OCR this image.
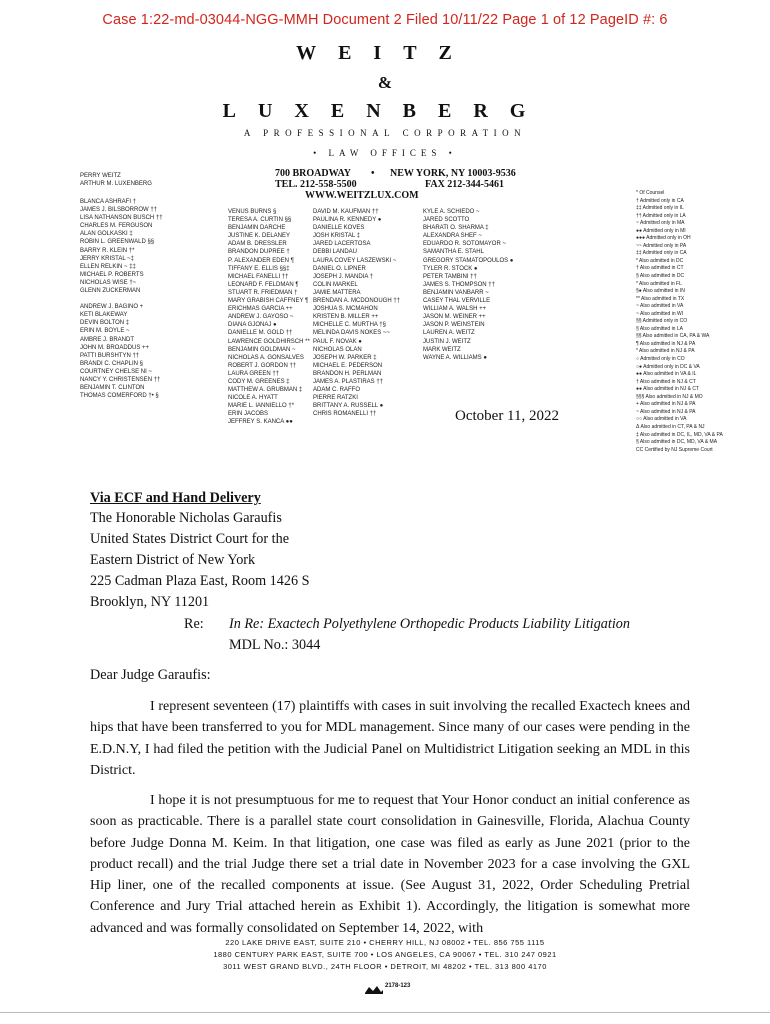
Case 1:22-md-03044-NGG-MMH Document 2 Filed 10/11/22 Page 1 of 12 PageID #: 6
WEITZ
&
LUXENBERG
A PROFESSIONAL CORPORATION
• LAW OFFICES •
700 BROADWAY • NEW YORK, NY 10003-9536
TEL. 212-558-5500	FAX 212-344-5461
WWW.WEITZLUX.COM
PERRY WEITZ
ARTHUR M. LUXENBERG
BLANCA ASHRAFI †
JAMES J. BILSBORROW ††
LISA NATHANSON BUSCH ††
CHARLES M. FERGUSON
ALAN GOLKASKI ‡
ROBIN L. GREENWALD §§
BARRY R. KLEIN †*
JERRY KRISTAL ~‡
ELLEN RELKIN ~ ‡‡
MICHAEL P. ROBERTS
NICHOLAS WISE †~
GLENN ZUCKERMAN
ANDREW J. BAGINO +
KETI BLAKEWAY
DEVIN BOLTON ‡
ERIN M. BOYLE ~
AMBRE J. BRANDT
JOHN M. BROADDUS ++
PATTI BURSHTYN ††
BRANDI C. CHAPLIN §
COURTNEY CHELSE NI ~
NANCY Y. CHRISTENSEN ††
BENJAMIN T. CLINTON
THOMAS COMERFORD †• §
VENUS BURNS §
TERESA A. CURTIN §§
BENJAMIN DARCHE
JUSTINE K. DELANEY
ADAM B. DRESSLER
BRANDON DUPREE †
P. ALEXANDER EDEN ¶
TIFFANY E. ELLIS §§‡
MICHAEL FANELLI ††
LEONARD F. FELDMAN ¶
STUART R. FRIEDMAN †
MARY GRABISH CAFFNEY ¶
ERICHMAS GARCIA ++
ANDREW J. GAYOSO ~
DIANA GJONAJ ●
DANIELLE M. GOLD ††
LAWRENCE GOLDHIRSCH **
BENJAMIN GOLDMAN ~
NICHOLAS A. GONSALVES
ROBERT J. GORDON ††
LAURA GREEN ††
CODY M. GREENES ‡
MATTHEW A. GRUBMAN ‡
NICOLE A. HYATT
MARIE L. IANNIELLO †*
ERIN JACOBS
JEFFREY S. KANCA ●●
DAVID M. KAUFMAN ††
PAULINA R. KENNEDY ●
DANIELLE KOVES
JOSH KRISTAL ‡
JARED LACERTOSA
DEBBI LANDAU
LAURA COVEY LASZEWSKI ~
DANIEL O. LIPNER
JOSEPH J. MANDIA †
COLIN MARKEL
JAMIE MATTERA
BRENDAN A. MCDONOUGH ††
JOSHUA S. MCMAHON
KRISTEN B. MILLER ++
MICHELLE C. MURTHA †§
MELINDA DAVIS NOKES ~~
PAUL F. NOVAK ●
NICHOLAS OLAN
JOSEPH W. PARKER ‡
MICHAEL E. PEDERSON
BRANDON H. PERLMAN
JAMES A. PLASTIRAS ††
ADAM C. RAFFO
PIERRE RATZKI
BRITTANY A. RUSSELL ●
CHRIS ROMANELLI ††
KYLE A. SCHIEDO ~
JARED SCOTTO
BHARATI O. SHARMA ‡
ALEXANDRA SHEF ~
EDUARDO R. SOTOMAYOR ~
SAMANTHA E. STAHL
GREGORY STAMATOPOULOS ●
TYLER R. STOCK ●
PETER TAMBINI ††
JAMES S. THOMPSON ††
BENJAMIN VANBARR ~
CASEY THAL VERVILLE
WILLIAM A. WALSH ++
JASON M. WEINER ++
JASON P. WEINSTEIN
LAUREN A. WEITZ
JUSTIN J. WEITZ
MARK WEITZ
WAYNE A. WILLIAMS ●
* Of Counsel
† Admitted only in CA
‡‡ Admitted only in IL
†† Admitted only in LA
~ Admitted only in MA
●● Admitted only in MI
●●● Admitted only in OH
~~ Admitted only in PA
‡‡ Admitted only in CA
* Also admitted in DC
† Also admitted in CT
§ Also admitted in DC
* Also admitted in FL
§● Also admitted in IN
** Also admitted in TX
~ Also admitted in VA
~ Also admitted in WI
§§ Admitted only in CO
§ Also admitted in LA
§§ Also admitted in CA, PA & WA
¶ Also admitted in NJ & PA
* Also admitted in NJ & PA
○ Admitted only in CO
○● Admitted only in DC & VA
●● Also admitted in VA & IL
† Also admitted in NJ & CT
●● Also admitted in NJ & CT
§§§ Also admitted in NJ & MO
+ Also admitted in NJ & PA
~ Also admitted in NJ & PA
○○ Also admitted in VA
Δ Also admitted in CT, PA & NJ
‡ Also admitted in DC, IL, MD, VA & PA
§ Also admitted in DC, MD, VA & MA
CC Certified by NJ Supreme Court
October 11, 2022
Via ECF and Hand Delivery
The Honorable Nicholas Garaufis
United States District Court for the
Eastern District of New York
225 Cadman Plaza East, Room 1426 S
Brooklyn, NY 11201
Re: In Re: Exactech Polyethylene Orthopedic Products Liability Litigation
MDL No.: 3044
Dear Judge Garaufis:
I represent seventeen (17) plaintiffs with cases in suit involving the recalled Exactech knees and hips that have been transferred to you for MDL management. Since many of our cases were pending in the E.D.N.Y, I had filed the petition with the Judicial Panel on Multidistrict Litigation seeking an MDL in this District.
I hope it is not presumptuous for me to request that Your Honor conduct an initial conference as soon as practicable. There is a parallel state court consolidation in Gainesville, Florida, Alachua County before Judge Donna M. Keim. In that litigation, one case was filed as early as June 2021 (prior to the product recall) and the trial Judge there set a trial date in November 2023 for a case involving the GXL Hip liner, one of the recalled components at issue. (See August 31, 2022, Order Scheduling Pretrial Conference and Jury Trial attached herein as Exhibit 1). Accordingly, the litigation is somewhat more advanced and was formally consolidated on September 14, 2022, with
220 LAKE DRIVE EAST, SUITE 210 • CHERRY HILL, NJ 08002 • TEL. 856 755 1115
1880 CENTURY PARK EAST, SUITE 700 • LOS ANGELES, CA 90067 • TEL. 310 247 0921
3011 WEST GRAND BLVD., 24TH FLOOR • DETROIT, MI 48202 • TEL. 313 800 4170
2178-123
